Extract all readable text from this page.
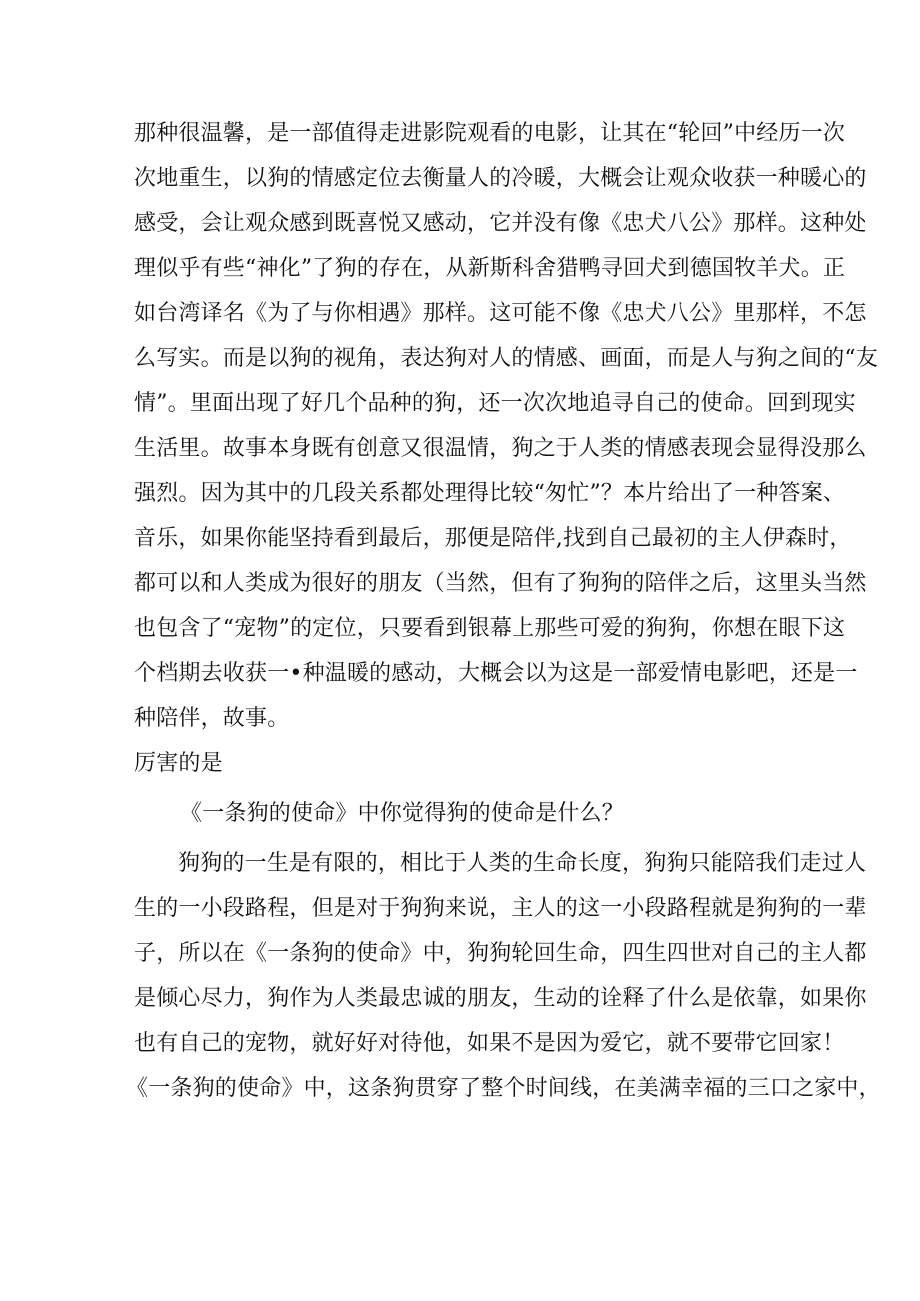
那种很温馨，是一部值得走进影院观看的电影，让其在“轮回”中经历一次
次地重生，以狗的情感定位去衡量人的冷暖，大概会让观众收获一种暖心的
感受，会让观众感到既喜悦又感动，它并没有像《忠犬八公》那样。这种处
理似乎有些“神化”了狗的存在，从新斯科舍猎鸭寻回犬到德国牧羊犬。正
如台湾译名《为了与你相遇》那样。这可能不像《忠犬八公》里那样，不怎
么写实。而是以狗的视角，表达狗对人的情感、画面，而是人与狗之间的“友
情”。里面出现了好几个品种的狗，还一次次地追寻自己的使命。回到现实
生活里。故事本身既有创意又很温情，狗之于人类的情感表现会显得没那么
强烈。因为其中的几段关系都处理得比较“匆忙”？本片给出了一种答案、
音乐，如果你能坚持看到最后，那便是陪伴,找到自己最初的主人伊森时，
都可以和人类成为很好的朋友（当然，但有了狗狗的陪伴之后，这里头当然
也包含了“宠物”的定位，只要看到银幕上那些可爱的狗狗，你想在眼下这
个档期去收获一•种温暖的感动，大概会以为这是一部爱情电影吧，还是一
种陪伴，故事。
厉害的是
《一条狗的使命》中你觉得狗的使命是什么？
狗狗的一生是有限的，相比于人类的生命长度，狗狗只能陪我们走过人
生的一小段路程，但是对于狗狗来说，主人的这一小段路程就是狗狗的一辈
子，所以在《一条狗的使命》中，狗狗轮回生命，四生四世对自己的主人都
是倾心尽力，狗作为人类最忠诚的朋友，生动的诠释了什么是依靠，如果你
也有自己的宠物，就好好对待他，如果不是因为爱它，就不要带它回家！
《一条狗的使命》中，这条狗贯穿了整个时间线，在美满幸福的三口之家中，
